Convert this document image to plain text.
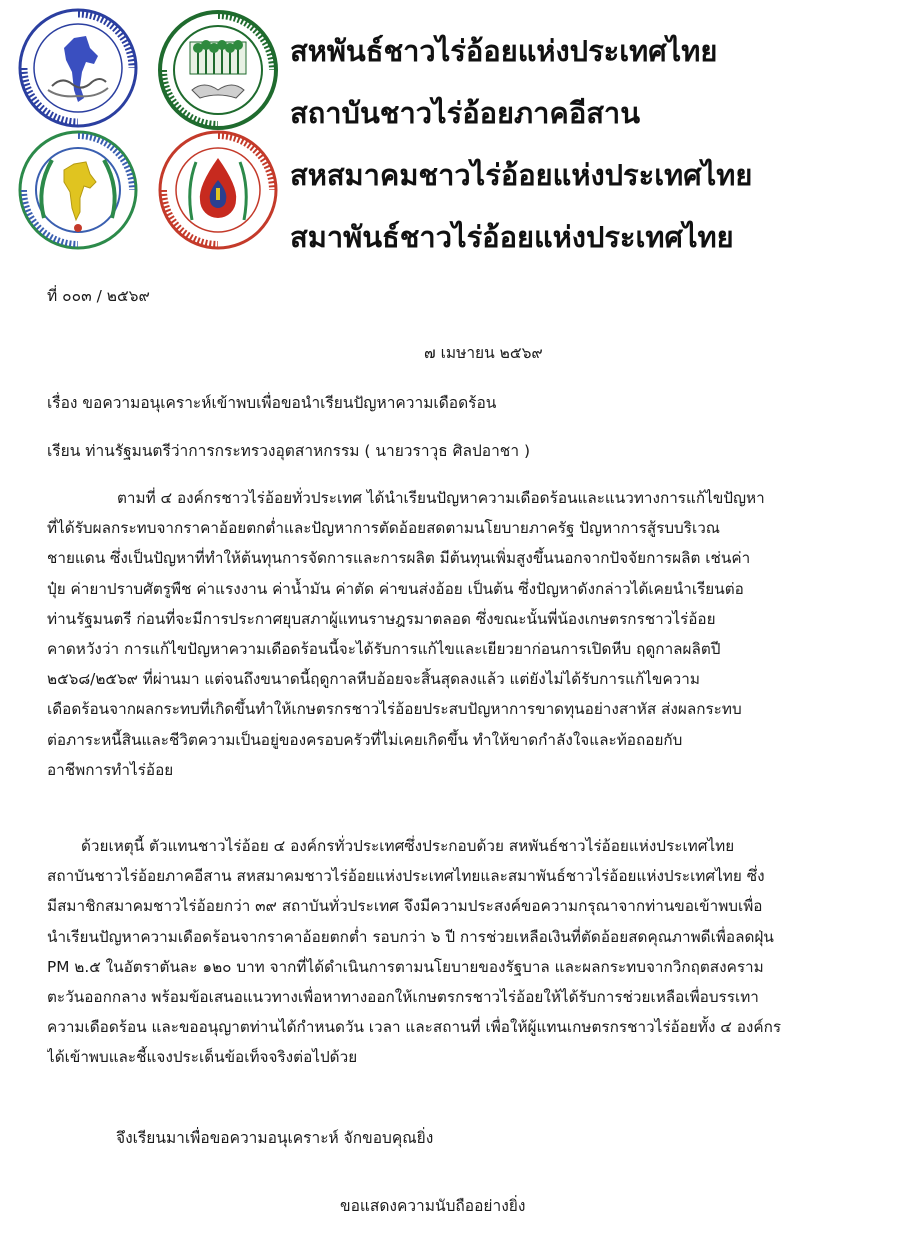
สหพันธ์ชาวไร่อ้อยแห่งประเทศไทย
สถาบันชาวไร่อ้อยภาคอีสาน
สหสมาคมชาวไร่อ้อยแห่งประเทศไทย
สมาพันธ์ชาวไร่อ้อยแห่งประเทศไทย
ที่ ๐๐๓ / ๒๕๖๙
๗ เมษายน ๒๕๖๙
เรื่อง ขอความอนุเคราะห์เข้าพบเพื่อขอนำเรียนปัญหาความเดือดร้อน
เรียน ท่านรัฐมนตรีว่าการกระทรวงอุตสาหกรรม ( นายวราวุธ ศิลปอาชา )
ตามที่ ๔ องค์กรชาวไร่อ้อยทั่วประเทศ ได้นำเรียนปัญหาความเดือดร้อนและแนวทางการแก้ไขปัญหา
ที่ได้รับผลกระทบจากราคาอ้อยตกต่ำและปัญหาการตัดอ้อยสดตามนโยบายภาครัฐ ปัญหาการสู้รบบริเวณ
ชายแดน ซึ่งเป็นปัญหาที่ทำให้ต้นทุนการจัดการและการผลิต มีต้นทุนเพิ่มสูงขึ้นนอกจากปัจจัยการผลิต เช่นค่า
ปุ๋ย ค่ายาปราบศัตรูพืช ค่าแรงงาน ค่าน้ำมัน ค่าตัด ค่าขนส่งอ้อย เป็นต้น ซึ่งปัญหาดังกล่าวได้เคยนำเรียนต่อ
ท่านรัฐมนตรี ก่อนที่จะมีการประกาศยุบสภาผู้แทนราษฎรมาตลอด ซึ่งขณะนั้นพี่น้องเกษตรกรชาวไร่อ้อย
คาดหวังว่า การแก้ไขปัญหาความเดือดร้อนนี้จะได้รับการแก้ไขและเยียวยาก่อนการเปิดหีบ ฤดูกาลผลิตปี
๒๕๖๘/๒๕๖๙ ที่ผ่านมา แต่จนถึงขนาดนี้ฤดูกาลหีบอ้อยจะสิ้นสุดลงแล้ว แต่ยังไม่ได้รับการแก้ไขความ
เดือดร้อนจากผลกระทบที่เกิดขึ้นทำให้เกษตรกรชาวไร่อ้อยประสบปัญหาการขาดทุนอย่างสาหัส ส่งผลกระทบ
ต่อภาระหนี้สินและชีวิตความเป็นอยู่ของครอบครัวที่ไม่เคยเกิดขึ้น ทำให้ขาดกำลังใจและท้อถอยกับ
อาชีพการทำไร่อ้อย
ด้วยเหตุนี้ ตัวแทนชาวไร่อ้อย ๔ องค์กรทั่วประเทศซึ่งประกอบด้วย สหพันธ์ชาวไร่อ้อยแห่งประเทศไทย
สถาบันชาวไร่อ้อยภาคอีสาน สหสมาคมชาวไร่อ้อยแห่งประเทศไทยและสมาพันธ์ชาวไร่อ้อยแห่งประเทศไทย ซึ่ง
มีสมาชิกสมาคมชาวไร่อ้อยกว่า ๓๙ สถาบันทั่วประเทศ จึงมีความประสงค์ขอความกรุณาจากท่านขอเข้าพบเพื่อ
นำเรียนปัญหาความเดือดร้อนจากราคาอ้อยตกต่ำ รอบกว่า ๖ ปี การช่วยเหลือเงินที่ตัดอ้อยสดคุณภาพดีเพื่อลดฝุ่น
PM ๒.๕ ในอัตราตันละ ๑๒๐ บาท จากที่ได้ดำเนินการตามนโยบายของรัฐบาล และผลกระทบจากวิกฤตสงคราม
ตะวันออกกลาง พร้อมข้อเสนอแนวทางเพื่อหาทางออกให้เกษตรกรชาวไร่อ้อยให้ได้รับการช่วยเหลือเพื่อบรรเทา
ความเดือดร้อน และขออนุญาตท่านได้กำหนดวัน เวลา และสถานที่ เพื่อให้ผู้แทนเกษตรกรชาวไร่อ้อยทั้ง ๔ องค์กร
ได้เข้าพบและชี้แจงประเด็นข้อเท็จจริงต่อไปด้วย
จึงเรียนมาเพื่อขอความอนุเคราะห์ จักขอบคุณยิ่ง
ขอแสดงความนับถืออย่างยิ่ง
